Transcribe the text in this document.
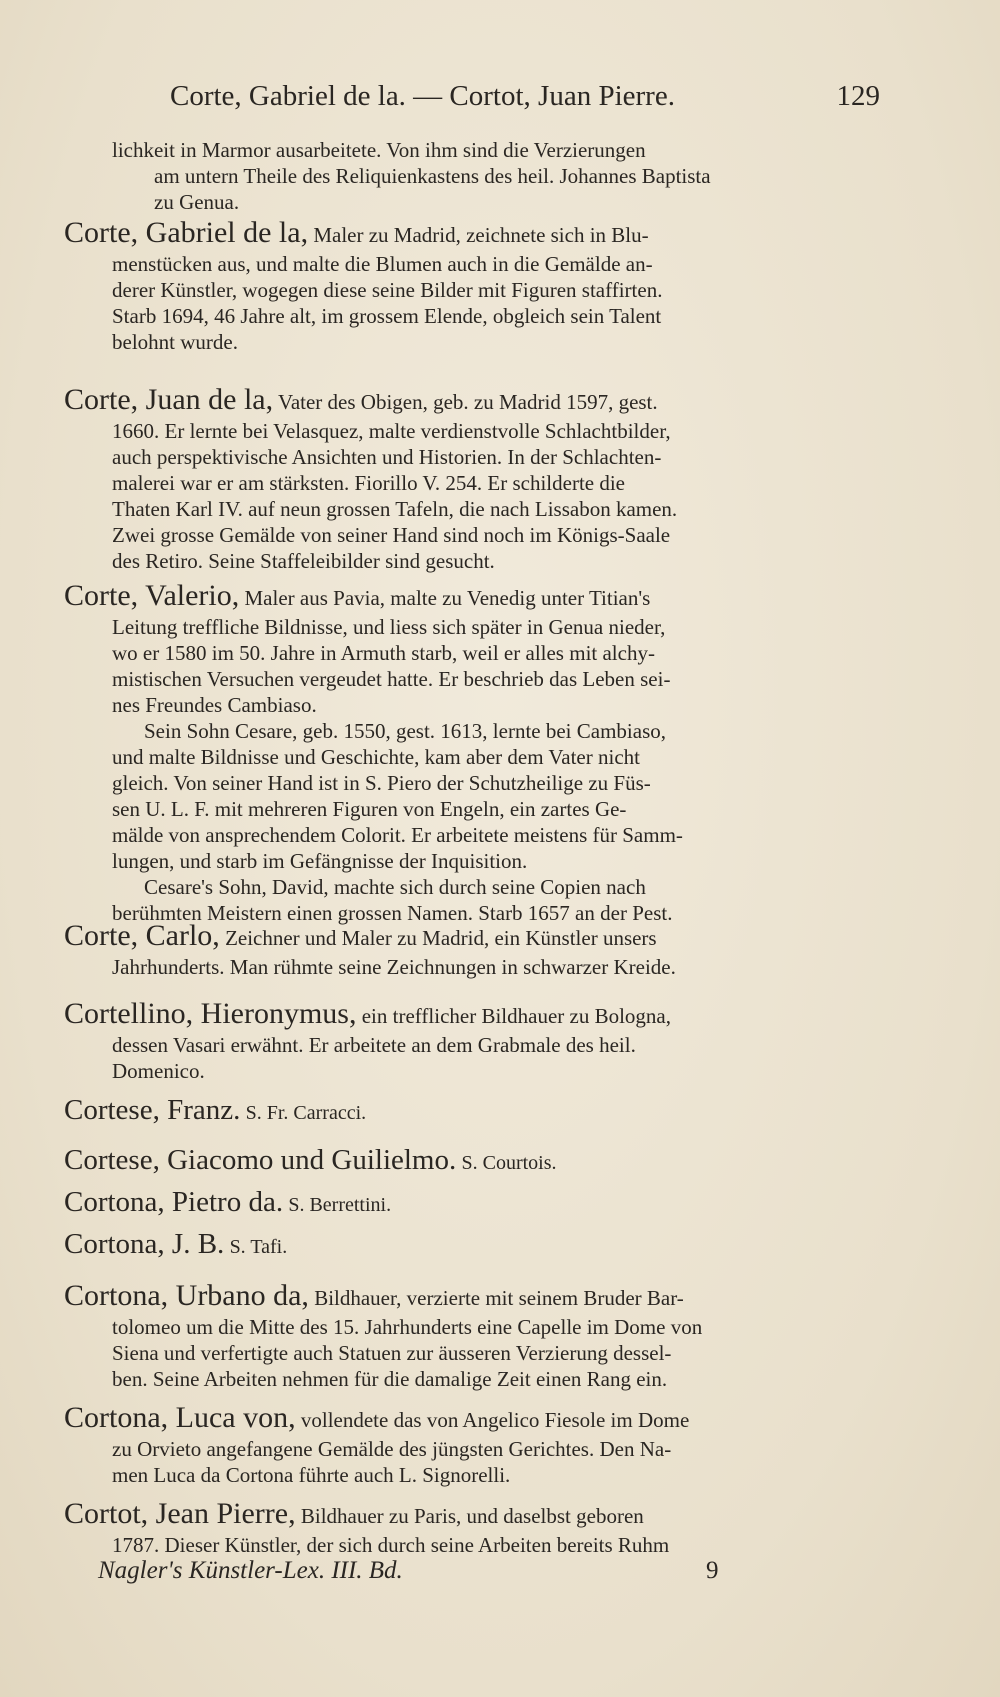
Corte, Gabriel de la. — Cortot, Juan Pierre.	129
lichkeit in Marmor ausarbeitete. Von ihm sind die Verzierungen
am untern Theile des Reliquienkastens des heil. Johannes Baptista
zu Genua.
Corte, Gabriel de la, Maler zu Madrid, zeichnete sich in Blu-
menstücken aus, und malte die Blumen auch in die Gemälde an-
derer Künstler, wogegen diese seine Bilder mit Figuren staffirten.
Starb 1694, 46 Jahre alt, im grossem Elende, obgleich sein Talent
belohnt wurde.
Corte, Juan de la, Vater des Obigen, geb. zu Madrid 1597, gest.
1660. Er lernte bei Velasquez, malte verdienstvolle Schlachtbilder,
auch perspektivische Ansichten und Historien. In der Schlachten-
malerei war er am stärksten. Fiorillo V. 254. Er schilderte die
Thaten Karl IV. auf neun grossen Tafeln, die nach Lissabon kamen.
Zwei grosse Gemälde von seiner Hand sind noch im Königs-Saale
des Retiro. Seine Staffeleibilder sind gesucht.
Corte, Valerio, Maler aus Pavia, malte zu Venedig unter Titian's
Leitung treffliche Bildnisse, und liess sich später in Genua nieder,
wo er 1580 im 50. Jahre in Armuth starb, weil er alles mit alchy-
mistischen Versuchen vergeudet hatte. Er beschrieb das Leben sei-
nes Freundes Cambiaso.
Sein Sohn Cesare, geb. 1550, gest. 1613, lernte bei Cambiaso,
und malte Bildnisse und Geschichte, kam aber dem Vater nicht
gleich. Von seiner Hand ist in S. Piero der Schutzheilige zu Füs-
sen U. L. F. mit mehreren Figuren von Engeln, ein zartes Ge-
mälde von ansprechendem Colorit. Er arbeitete meistens für Samm-
lungen, und starb im Gefängnisse der Inquisition.
Cesare's Sohn, David, machte sich durch seine Copien nach
berühmten Meistern einen grossen Namen. Starb 1657 an der Pest.
Corte, Carlo, Zeichner und Maler zu Madrid, ein Künstler unsers
Jahrhunderts. Man rühmte seine Zeichnungen in schwarzer Kreide.
Cortellino, Hieronymus, ein trefflicher Bildhauer zu Bologna,
dessen Vasari erwähnt. Er arbeitete an dem Grabmale des heil.
Domenico.
Cortese, Franz. S. Fr. Carracci.
Cortese, Giacomo und Guilielmo. S. Courtois.
Cortona, Pietro da. S. Berrettini.
Cortona, J. B. S. Tafi.
Cortona, Urbano da, Bildhauer, verzierte mit seinem Bruder Bar-
tolomeo um die Mitte des 15. Jahrhunderts eine Capelle im Dome von
Siena und verfertigte auch Statuen zur äusseren Verzierung dessel-
ben. Seine Arbeiten nehmen für die damalige Zeit einen Rang ein.
Cortona, Luca von, vollendete das von Angelico Fiesole im Dome
zu Orvieto angefangene Gemälde des jüngsten Gerichtes. Den Na-
men Luca da Cortona führte auch L. Signorelli.
Cortot, Jean Pierre, Bildhauer zu Paris, und daselbst geboren
1787. Dieser Künstler, der sich durch seine Arbeiten bereits Ruhm
Nagler's Künstler-Lex. III. Bd.	9
